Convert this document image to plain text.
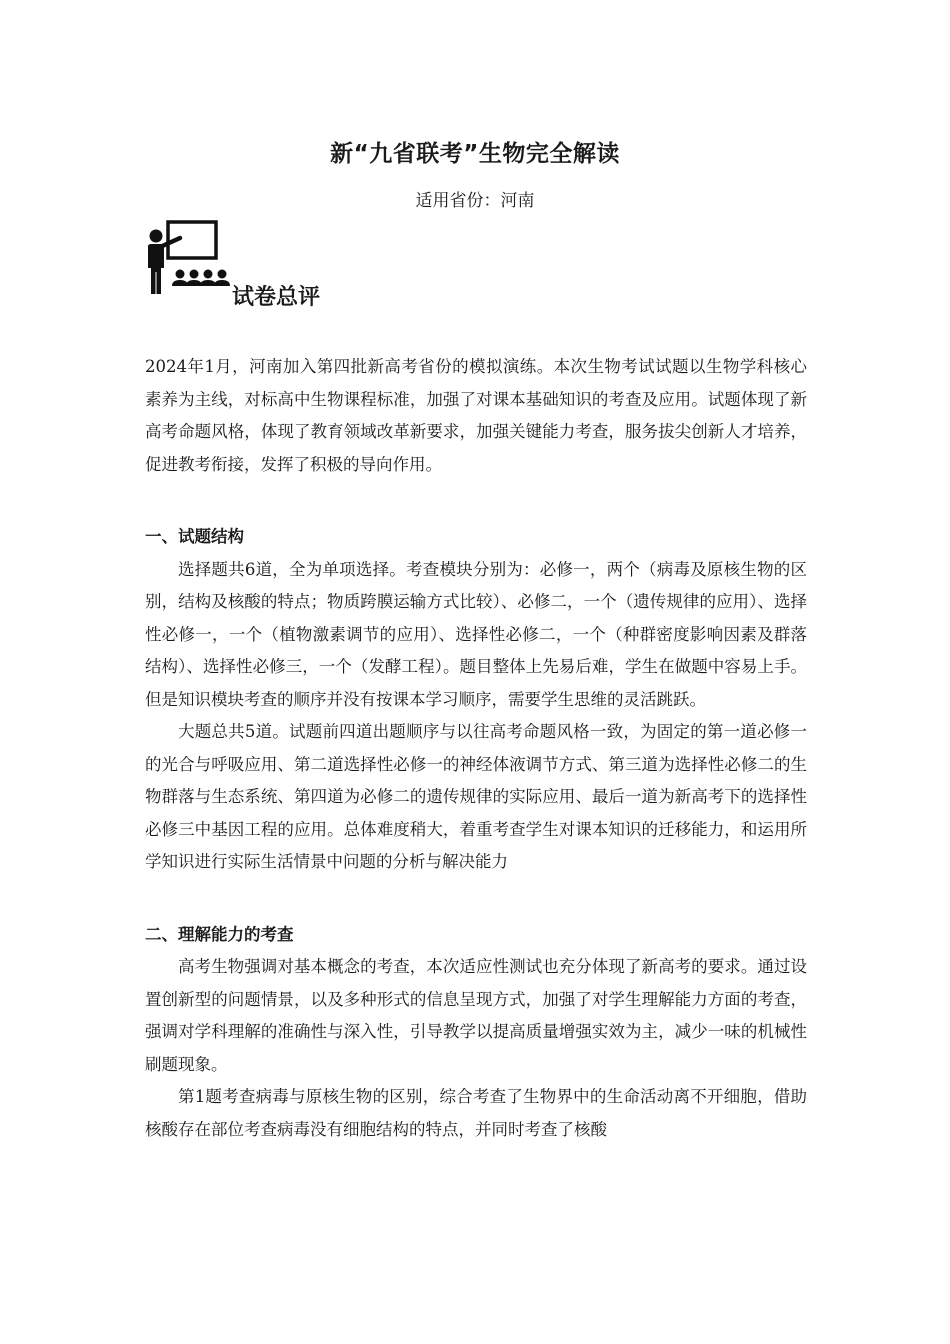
新“九省联考”生物完全解读
适用省份：河南
试卷总评

2024年1月，河南加入第四批新高考省份的模拟演练。本次生物考试试题以生物学科核心素养为主线，对标高中生物课程标准，加强了对课本基础知识的考查及应用。试题体现了新高考命题风格，体现了教育领域改革新要求，加强关键能力考查，服务拔尖创新人才培养，促进教考衔接，发挥了积极的导向作用。

一、试题结构

选择题共6道，全为单项选择。考查模块分别为：必修一，两个（病毒及原核生物的区别，结构及核酸的特点；物质跨膜运输方式比较）、必修二，一个（遗传规律的应用）、选择性必修一，一个（植物激素调节的应用）、选择性必修二，一个（种群密度影响因素及群落结构）、选择性必修三，一个（发酵工程）。题目整体上先易后难，学生在做题中容易上手。但是知识模块考查的顺序并没有按课本学习顺序，需要学生思维的灵活跳跃。

大题总共5道。试题前四道出题顺序与以往高考命题风格一致，为固定的第一道必修一的光合与呼吸应用、第二道选择性必修一的神经体液调节方式、第三道为选择性必修二的生物群落与生态系统、第四道为必修二的遗传规律的实际应用、最后一道为新高考下的选择性必修三中基因工程的应用。总体难度稍大，着重考查学生对课本知识的迁移能力，和运用所学知识进行实际生活情景中问题的分析与解决能力

二、理解能力的考查

高考生物强调对基本概念的考查，本次适应性测试也充分体现了新高考的要求。通过设置创新型的问题情景，以及多种形式的信息呈现方式，加强了对学生理解能力方面的考查，强调对学科理解的准确性与深入性，引导教学以提高质量增强实效为主，减少一味的机械性刷题现象。

第1题考查病毒与原核生物的区别，综合考查了生物界中的生命活动离不开细胞，借助核酸存在部位考查病毒没有细胞结构的特点，并同时考查了核酸
